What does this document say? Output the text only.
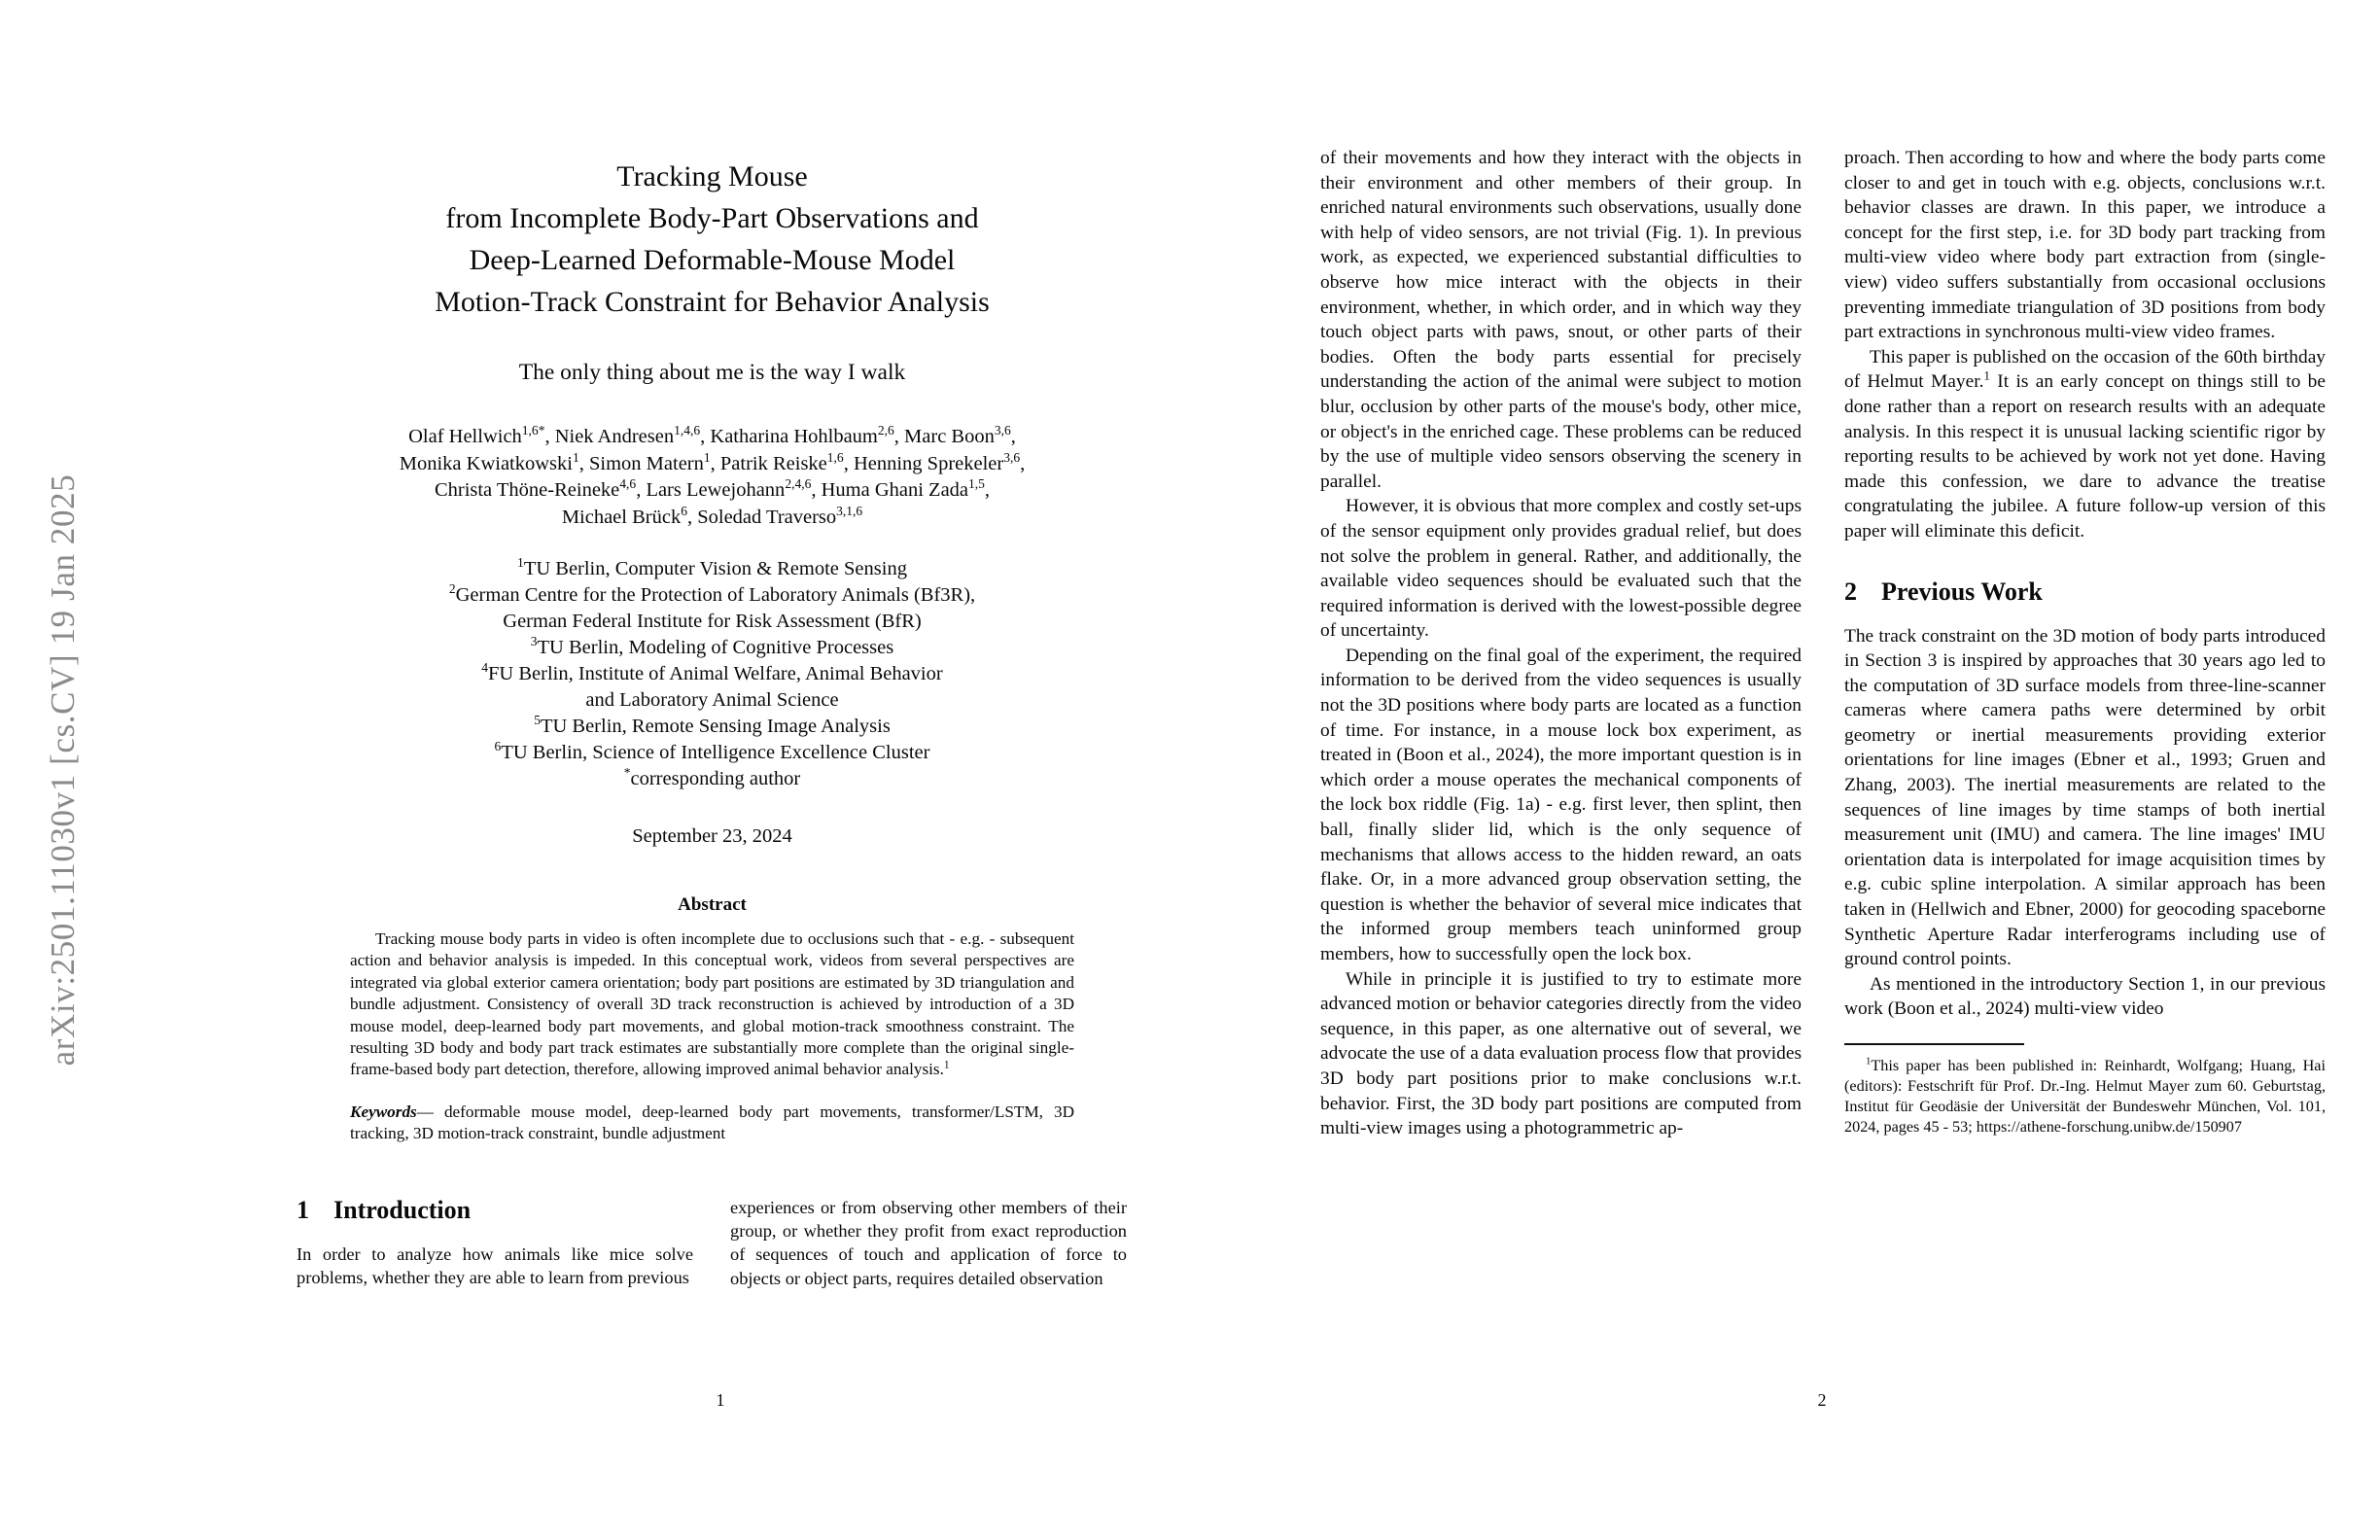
arXiv:2501.11030v1 [cs.CV] 19 Jan 2025
Tracking Mouse
from Incomplete Body-Part Observations and
Deep-Learned Deformable-Mouse Model
Motion-Track Constraint for Behavior Analysis
The only thing about me is the way I walk
Olaf Hellwich$^{1,6*}$, Niek Andresen$^{1,4,6}$, Katharina Hohlbaum$^{2,6}$, Marc Boon$^{3,6}$,
Monika Kwiatkowski$^1$, Simon Matern$^1$, Patrik Reiske$^{1,6}$, Henning Sprekeler$^{3,6}$,
Christa Thöne-Reineke$^{4,6}$, Lars Lewejohann$^{2,4,6}$, Huma Ghani Zada$^{1,5}$,
Michael Brück$^6$, Soledad Traverso$^{3,1,6}$
$^1$TU Berlin, Computer Vision & Remote Sensing
$^2$German Centre for the Protection of Laboratory Animals (Bf3R),
German Federal Institute for Risk Assessment (BfR)
$^3$TU Berlin, Modeling of Cognitive Processes
$^4$FU Berlin, Institute of Animal Welfare, Animal Behavior
and Laboratory Animal Science
$^5$TU Berlin, Remote Sensing Image Analysis
$^6$TU Berlin, Science of Intelligence Excellence Cluster
*corresponding author
September 23, 2024
Abstract
Tracking mouse body parts in video is often incomplete due to occlusions such that - e.g. - subsequent action and behavior analysis is impeded. In this conceptual work, videos from several perspectives are integrated via global exterior camera orientation; body part positions are estimated by 3D triangulation and bundle adjustment. Consistency of overall 3D track reconstruction is achieved by introduction of a 3D mouse model, deep-learned body part movements, and global motion-track smoothness constraint. The resulting 3D body and body part track estimates are substantially more complete than the original single-frame-based body part detection, therefore, allowing improved animal behavior analysis.$^1$
Keywords— deformable mouse model, deep-learned body part movements, transformer/LSTM, 3D tracking, 3D motion-track constraint, bundle adjustment
1 Introduction

In order to analyze how animals like mice solve problems, whether they are able to learn from previous

experiences or from observing other members of their group, or whether they profit from exact reproduction of sequences of touch and application of force to objects or object parts, requires detailed observation

1

of their movements and how they interact with the objects in their environment and other members of their group. In enriched natural environments such observations, usually done with help of video sensors, are not trivial (Fig. 1). In previous work, as expected, we experienced substantial difficulties to observe how mice interact with the objects in their environment, whether, in which order, and in which way they touch object parts with paws, snout, or other parts of their bodies. Often the body parts essential for precisely understanding the action of the animal were subject to motion blur, occlusion by other parts of the mouse's body, other mice, or object's in the enriched cage. These problems can be reduced by the use of multiple video sensors observing the scenery in parallel.

However, it is obvious that more complex and costly set-ups of the sensor equipment only provides gradual relief, but does not solve the problem in general. Rather, and additionally, the available video sequences should be evaluated such that the required information is derived with the lowest-possible degree of uncertainty.

Depending on the final goal of the experiment, the required information to be derived from the video sequences is usually not the 3D positions where body parts are located as a function of time. For instance, in a mouse lock box experiment, as treated in (Boon et al., 2024), the more important question is in which order a mouse operates the mechanical components of the lock box riddle (Fig. 1a) - e.g. first lever, then splint, then ball, finally slider lid, which is the only sequence of mechanisms that allows access to the hidden reward, an oats flake. Or, in a more advanced group observation setting, the question is whether the behavior of several mice indicates that the informed group members teach uninformed group members, how to successfully open the lock box.

While in principle it is justified to try to estimate more advanced motion or behavior categories directly from the video sequence, in this paper, as one alternative out of several, we advocate the use of a data evaluation process flow that provides 3D body part positions prior to make conclusions w.r.t. behavior. First, the 3D body part positions are computed from multi-view images using a photogrammetric ap-

proach. Then according to how and where the body parts come closer to and get in touch with e.g. objects, conclusions w.r.t. behavior classes are drawn. In this paper, we introduce a concept for the first step, i.e. for 3D body part tracking from multi-view video where body part extraction from (single-view) video suffers substantially from occasional occlusions preventing immediate triangulation of 3D positions from body part extractions in synchronous multi-view video frames.

This paper is published on the occasion of the 60th birthday of Helmut Mayer.$^1$ It is an early concept on things still to be done rather than a report on research results with an adequate analysis. In this respect it is unusual lacking scientific rigor by reporting results to be achieved by work not yet done. Having made this confession, we dare to advance the treatise congratulating the jubilee. A future follow-up version of this paper will eliminate this deficit.

2 Previous Work

The track constraint on the 3D motion of body parts introduced in Section 3 is inspired by approaches that 30 years ago led to the computation of 3D surface models from three-line-scanner cameras where camera paths were determined by orbit geometry or inertial measurements providing exterior orientations for line images (Ebner et al., 1993; Gruen and Zhang, 2003). The inertial measurements are related to the sequences of line images by time stamps of both inertial measurement unit (IMU) and camera. The line images' IMU orientation data is interpolated for image acquisition times by e.g. cubic spline interpolation. A similar approach has been taken in (Hellwich and Ebner, 2000) for geocoding spaceborne Synthetic Aperture Radar interferograms including use of ground control points.

As mentioned in the introductory Section 1, in our previous work (Boon et al., 2024) multi-view video

$^1$This paper has been published in: Reinhardt, Wolfgang; Huang, Hai (editors): Festschrift für Prof. Dr.-Ing. Helmut Mayer zum 60. Geburtstag, Institut für Geodäsie der Universität der Bundeswehr München, Vol. 101, 2024, pages 45 - 53; https://athene-forschung.unibw.de/150907
2
